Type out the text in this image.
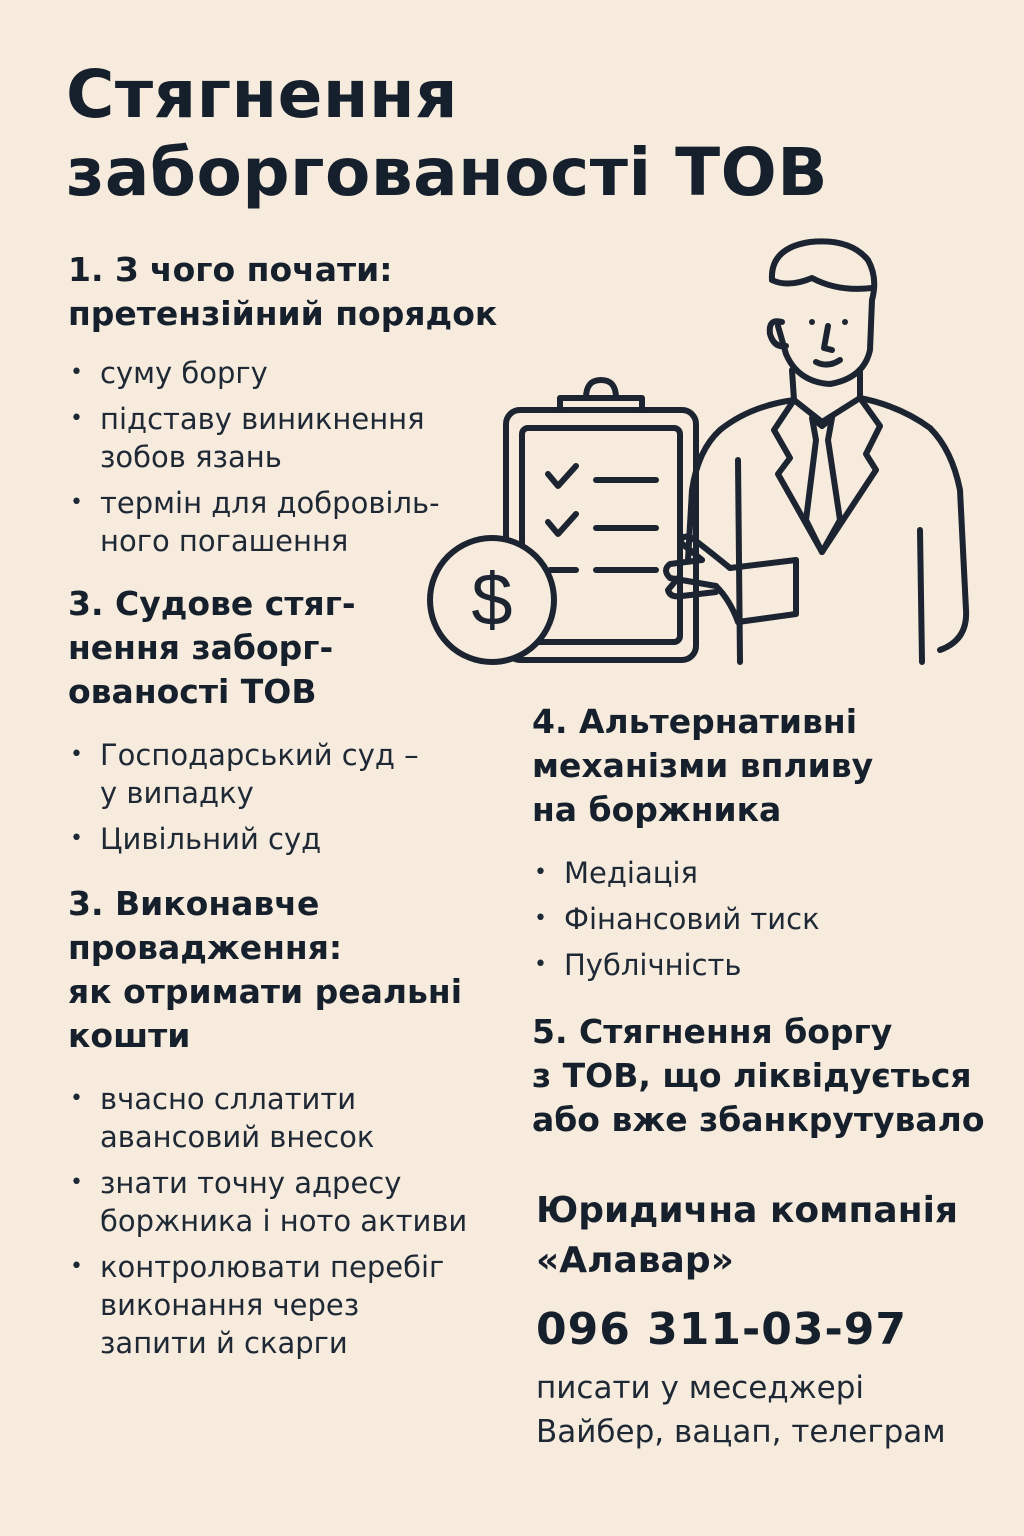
Стягнення
заборгованості ТОВ
1. З чого почати:
претензійний порядок
• суму боргу
• підставу виникнення
зобов язань
• термін для добровіль-
ного погашення
3. Судове стяг-
нення заборг-
ованості ТОВ
• Господарський суд –
у випадку
• Цивільний суд
3. Виконавче
провадження:
як отримати реальні
кошти
• вчасно сллатити
авансовий внесок
• знати точну адресу
боржника і ното активи
• контролювати перебіг
виконання через
запити й скарги
4. Альтернативні
механізми впливу
на боржника
• Медіація
• Фінансовий тиск
• Публічність
5. Стягнення боргу
з ТОВ, що ліквідується
або вже збанкрутувало
Юридична компанія
«Алавар»
096 311-03-97
писати у меседжері
Вайбер, вацап, телеграм
$
